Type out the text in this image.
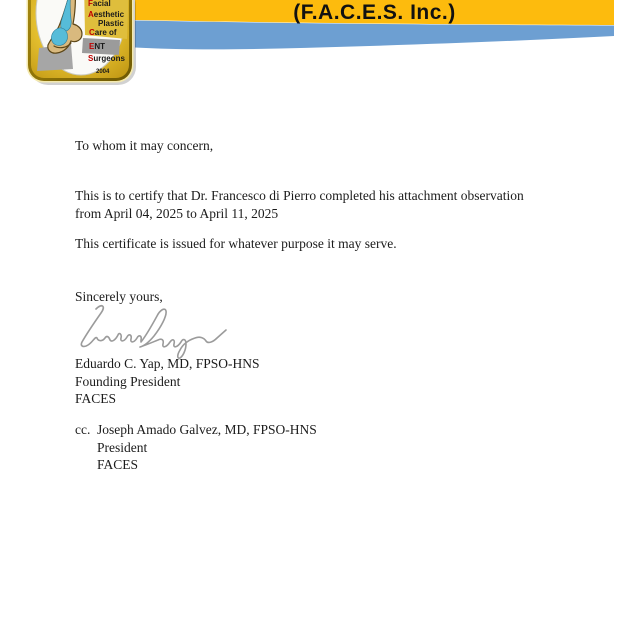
(F.A.C.E.S. Inc.)
Facial
Aesthetic
Plastic
Care of
ENT
Surgeons
2004
To whom it may concern,
This is to certify that Dr. Francesco di Pierro completed his attachment observation
from April 04, 2025 to April 11, 2025
This certificate is issued for whatever purpose it may serve.
Sincerely yours,
Eduardo C. Yap, MD, FPSO-HNS
Founding President
FACES
cc. Joseph Amado Galvez, MD, FPSO-HNS
President
FACES
